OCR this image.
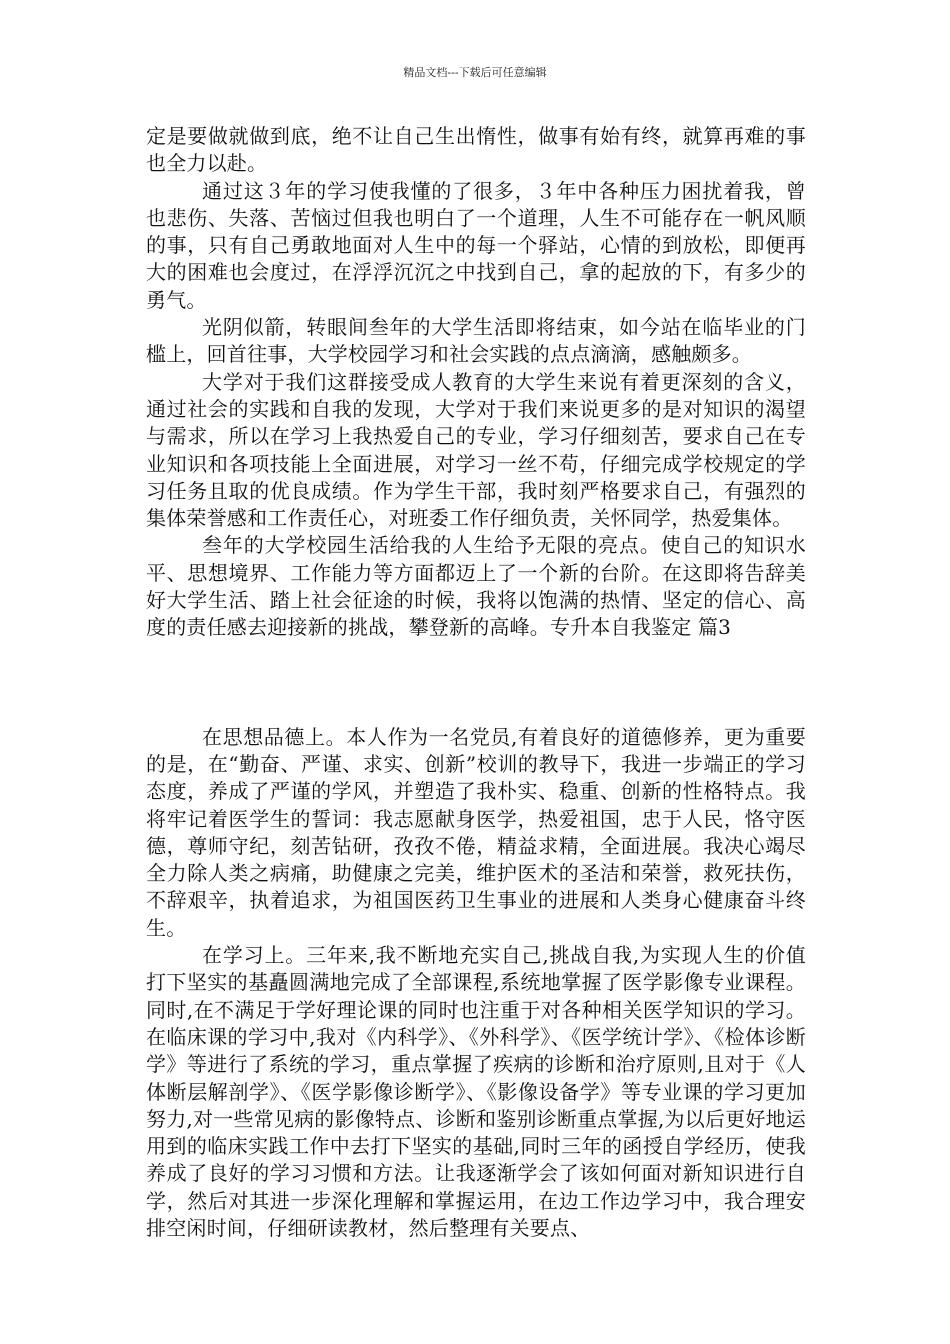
精品文档---下载后可任意编辑

定是要做就做到底，绝不让自己生出惰性，做事有始有终，就算再难的事也全力以赴。

通过这３年的学习使我懂的了很多，３年中各种压力困扰着我，曾也悲伤、失落、苦恼过但我也明白了一个道理，人生不可能存在一帆风顺的事，只有自己勇敢地面对人生中的每一个驿站，心情的到放松，即便再大的困难也会度过，在浮浮沉沉之中找到自己，拿的起放的下，有多少的勇气。

光阴似箭，转眼间叁年的大学生活即将结束，如今站在临毕业的门槛上，回首往事，大学校园学习和社会实践的点点滴滴，感触颇多。

大学对于我们这群接受成人教育的大学生来说有着更深刻的含义，通过社会的实践和自我的发现，大学对于我们来说更多的是对知识的渴望与需求，所以在学习上我热爱自己的专业，学习仔细刻苦，要求自己在专业知识和各项技能上全面进展，对学习一丝不苟，仔细完成学校规定的学习任务且取的优良成绩。作为学生干部，我时刻严格要求自己，有强烈的集体荣誉感和工作责任心，对班委工作仔细负责，关怀同学，热爱集体。

叁年的大学校园生活给我的人生给予无限的亮点。使自己的知识水平、思想境界、工作能力等方面都迈上了一个新的台阶。在这即将告辞美好大学生活、踏上社会征途的时候，我将以饱满的热情、坚定的信心、高度的责任感去迎接新的挑战，攀登新的高峰。专升本自我鉴定 篇3

在思想品德上。本人作为一名党员,有着良好的道德修养，更为重要的是，在“勤奋、严谨、求实、创新”校训的教导下，我进一步端正的学习态度，养成了严谨的学风，并塑造了我朴实、稳重、创新的性格特点。我将牢记着医学生的誓词：我志愿献身医学，热爱祖国，忠于人民，恪守医德，尊师守纪，刻苦钻研，孜孜不倦，精益求精，全面进展。我决心竭尽全力除人类之病痛，助健康之完美，维护医术的圣洁和荣誉，救死扶伤，不辞艰辛，执着追求，为祖国医药卫生事业的进展和人类身心健康奋斗终生。

在学习上。三年来,我不断地充实自己,挑战自我,为实现人生的价值打下坚实的基矗圆满地完成了全部课程,系统地掌握了医学影像专业课程。同时,在不满足于学好理论课的同时也注重于对各种相关医学知识的学习。在临床课的学习中,我对《内科学》、《外科学》、《医学统计学》、《检体诊断学》等进行了系统的学习，重点掌握了疾病的诊断和治疗原则,且对于《人体断层解剖学》、《医学影像诊断学》、《影像设备学》等专业课的学习更加努力,对一些常见病的影像特点、诊断和鉴别诊断重点掌握,为以后更好地运用到的临床实践工作中去打下坚实的基础,同时三年的函授自学经历，使我养成了良好的学习习惯和方法。让我逐渐学会了该如何面对新知识进行自学，然后对其进一步深化理解和掌握运用，在边工作边学习中，我合理安排空闲时间，仔细研读教材，然后整理有关要点、
